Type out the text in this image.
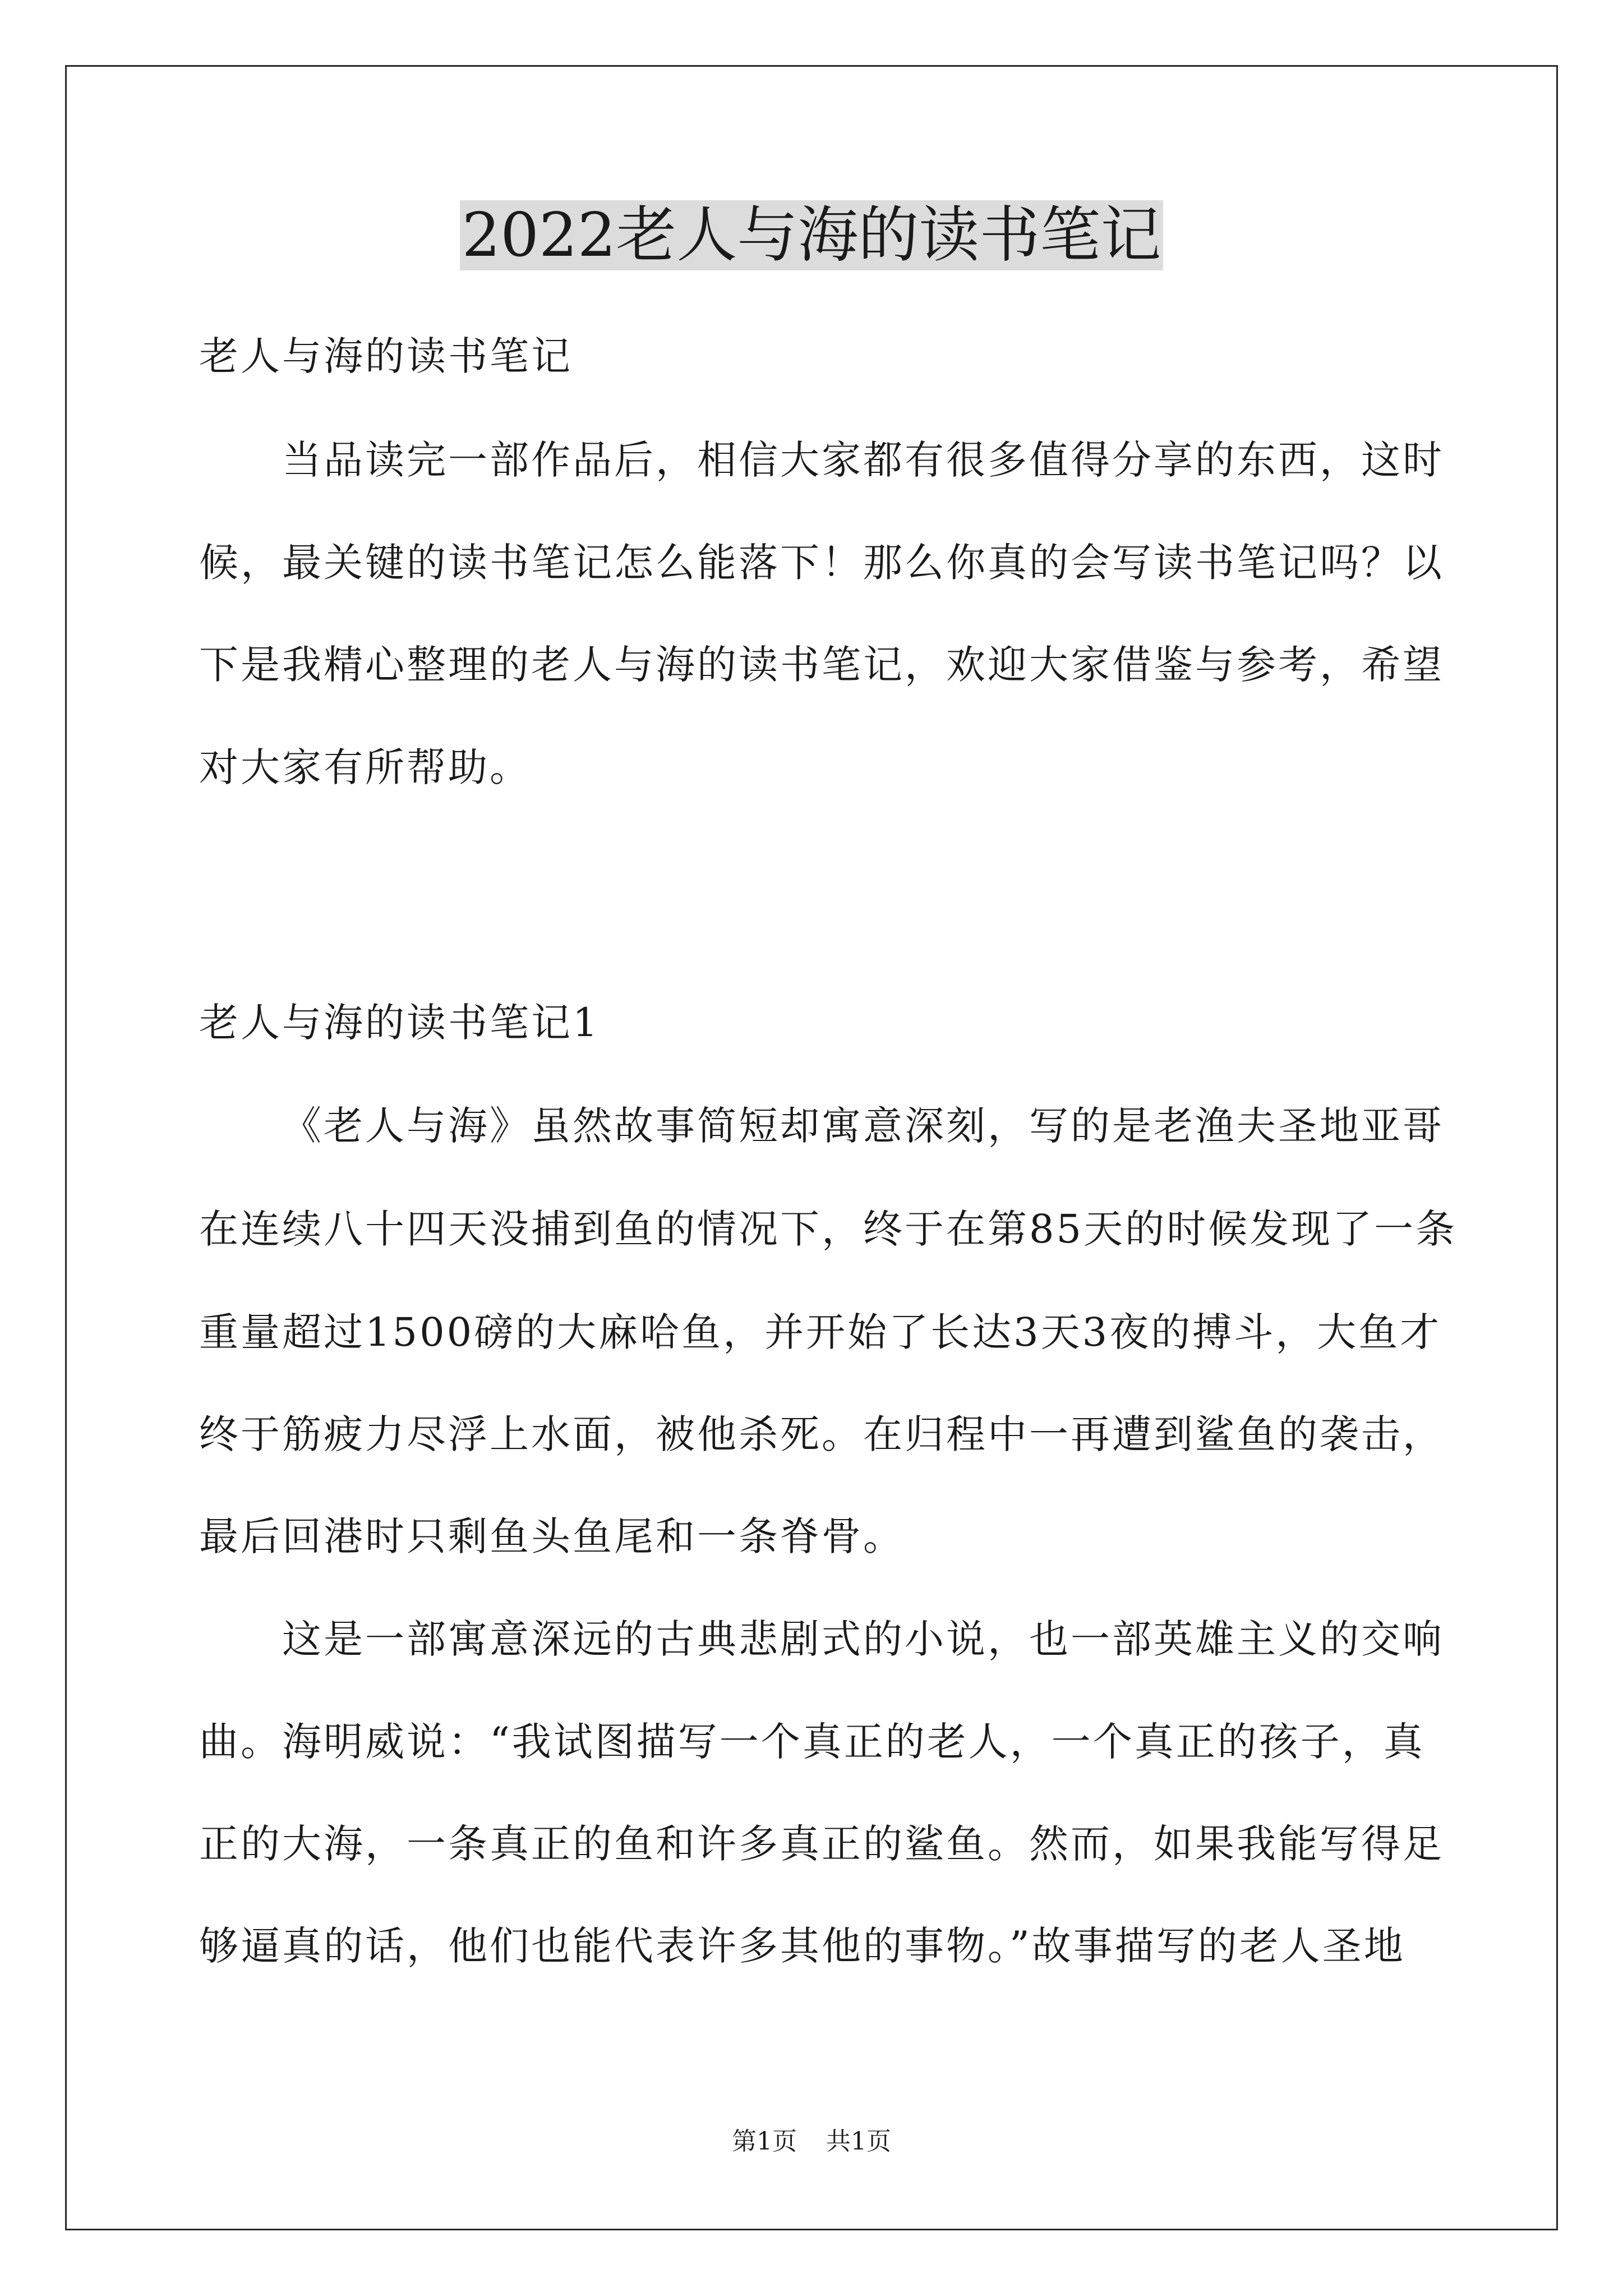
2022老人与海的读书笔记
老人与海的读书笔记
当品读完一部作品后，相信大家都有很多值得分享的东西，这时
候，最关键的读书笔记怎么能落下！那么你真的会写读书笔记吗？以
下是我精心整理的老人与海的读书笔记，欢迎大家借鉴与参考，希望
对大家有所帮助。
老人与海的读书笔记1
《老人与海》虽然故事简短却寓意深刻，写的是老渔夫圣地亚哥
在连续八十四天没捕到鱼的情况下，终于在第85天的时候发现了一条
重量超过1500磅的大麻哈鱼，并开始了长达3天3夜的搏斗，大鱼才
终于筋疲力尽浮上水面，被他杀死。在归程中一再遭到鲨鱼的袭击，
最后回港时只剩鱼头鱼尾和一条脊骨。
这是一部寓意深远的古典悲剧式的小说，也一部英雄主义的交响
曲。海明威说：“我试图描写一个真正的老人，一个真正的孩子，真
正的大海，一条真正的鱼和许多真正的鲨鱼。然而，如果我能写得足
够逼真的话，他们也能代表许多其他的事物。”故事描写的老人圣地
第1页 共1页
